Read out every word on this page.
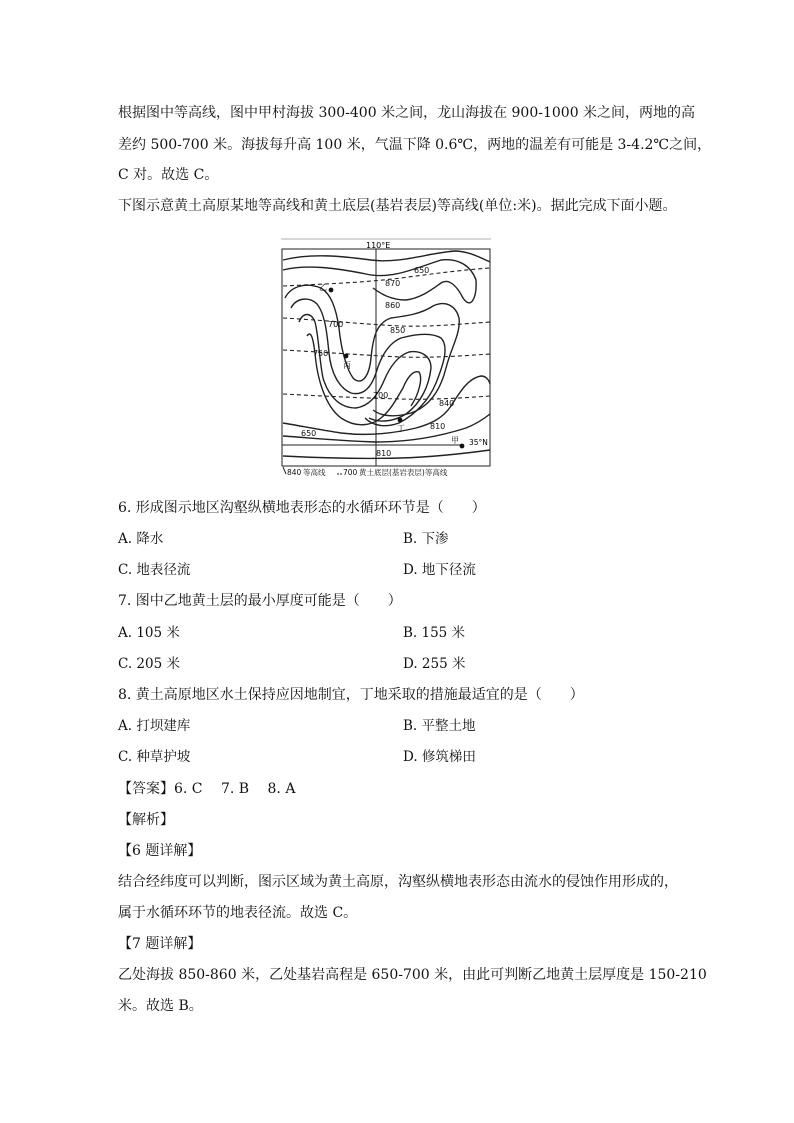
根据图中等高线，图中甲村海拔 300-400 米之间，龙山海拔在 900-1000 米之间，两地的高
差约 500-700 米。海拔每升高 100 米，气温下降 0.6℃，两地的温差有可能是 3-4.2℃之间，
C 对。故选 C。
下图示意黄土高原某地等高线和黄土底层(基岩表层)等高线(单位:米)。据此完成下面小题。
110°E
35°N
650
870
860
850
700
750
700
840
810
650
810
乙
丙
丁
甲
840 等高线 700 黄土底层(基岩表层)等高线
6. 形成图示地区沟壑纵横地表形态的水循环环节是（　　）
A. 降水	B. 下渗
C. 地表径流	D. 地下径流
7. 图中乙地黄土层的最小厚度可能是（　　）
A. 105 米	B. 155 米
C. 205 米	D. 255 米
8. 黄土高原地区水土保持应因地制宜，丁地采取的措施最适宜的是（　　）
A. 打坝建库	B. 平整土地
C. 种草护坡	D. 修筑梯田
【答案】6. C　 7. B　 8. A
【解析】
【6 题详解】
结合经纬度可以判断，图示区域为黄土高原，沟壑纵横地表形态由流水的侵蚀作用形成的，
属于水循环环节的地表径流。故选 C。
【7 题详解】
乙处海拔 850-860 米，乙处基岩高程是 650-700 米，由此可判断乙地黄土层厚度是 150-210
米。故选 B。
